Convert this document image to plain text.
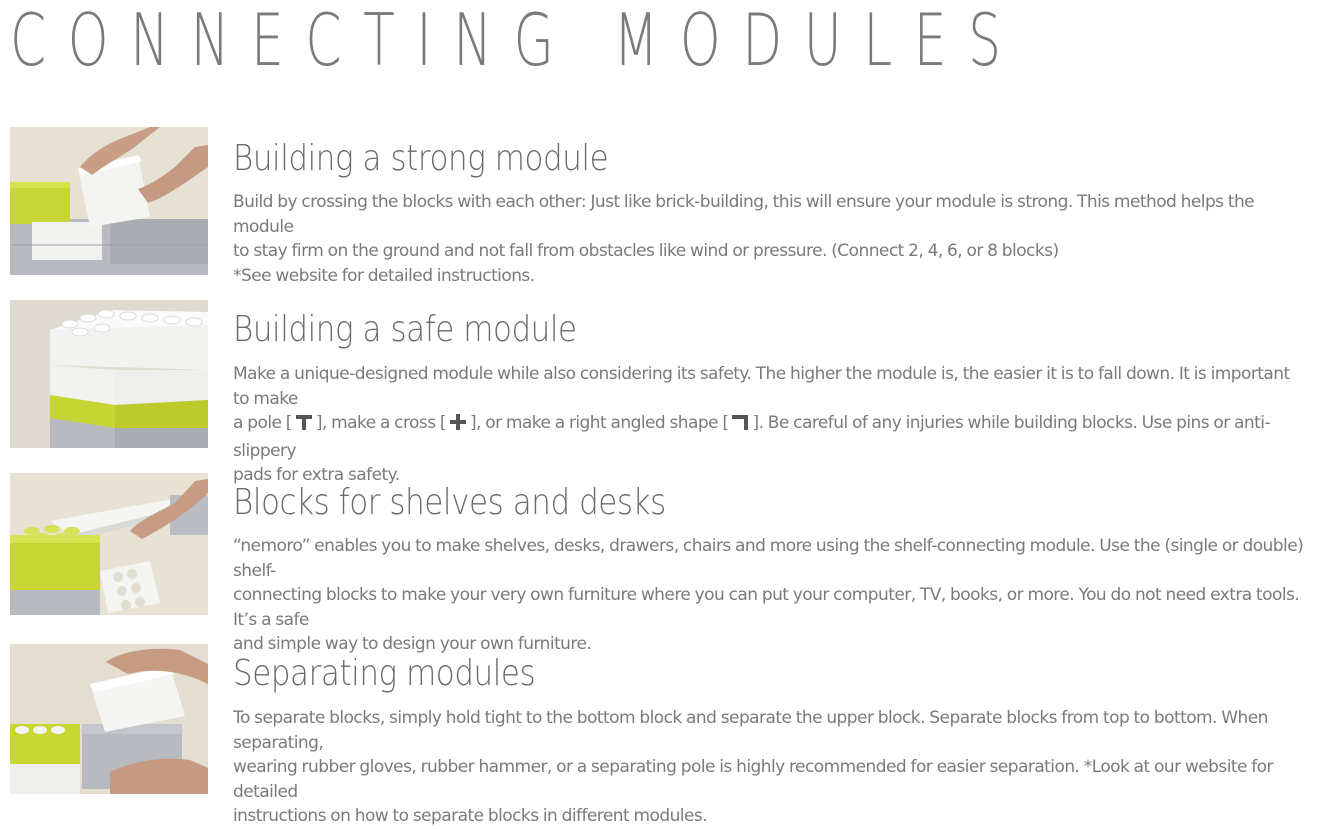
CONNECTING MODULES
Building a strong module

Build by crossing the blocks with each other: Just like brick-building, this will ensure your module is strong. This method helps the module
to stay firm on the ground and not fall from obstacles like wind or pressure. (Connect 2, 4, 6, or 8 blocks)
*See website for detailed instructions.

Building a safe module

Make a unique-designed module while also considering its safety. The higher the module is, the easier it is to fall down. It is important to make
a pole [ ], make a cross [ ], or make a right angled shape [ ]. Be careful of any injuries while building blocks. Use pins or anti-slippery
pads for extra safety.

Blocks for shelves and desks

“nemoro” enables you to make shelves, desks, drawers, chairs and more using the shelf-connecting module. Use the (single or double) shelf-
connecting blocks to make your very own furniture where you can put your computer, TV, books, or more. You do not need extra tools. It’s a safe
and simple way to design your own furniture.

Separating modules

To separate blocks, simply hold tight to the bottom block and separate the upper block. Separate blocks from top to bottom. When separating,
wearing rubber gloves, rubber hammer, or a separating pole is highly recommended for easier separation. *Look at our website for detailed
instructions on how to separate blocks in different modules.
